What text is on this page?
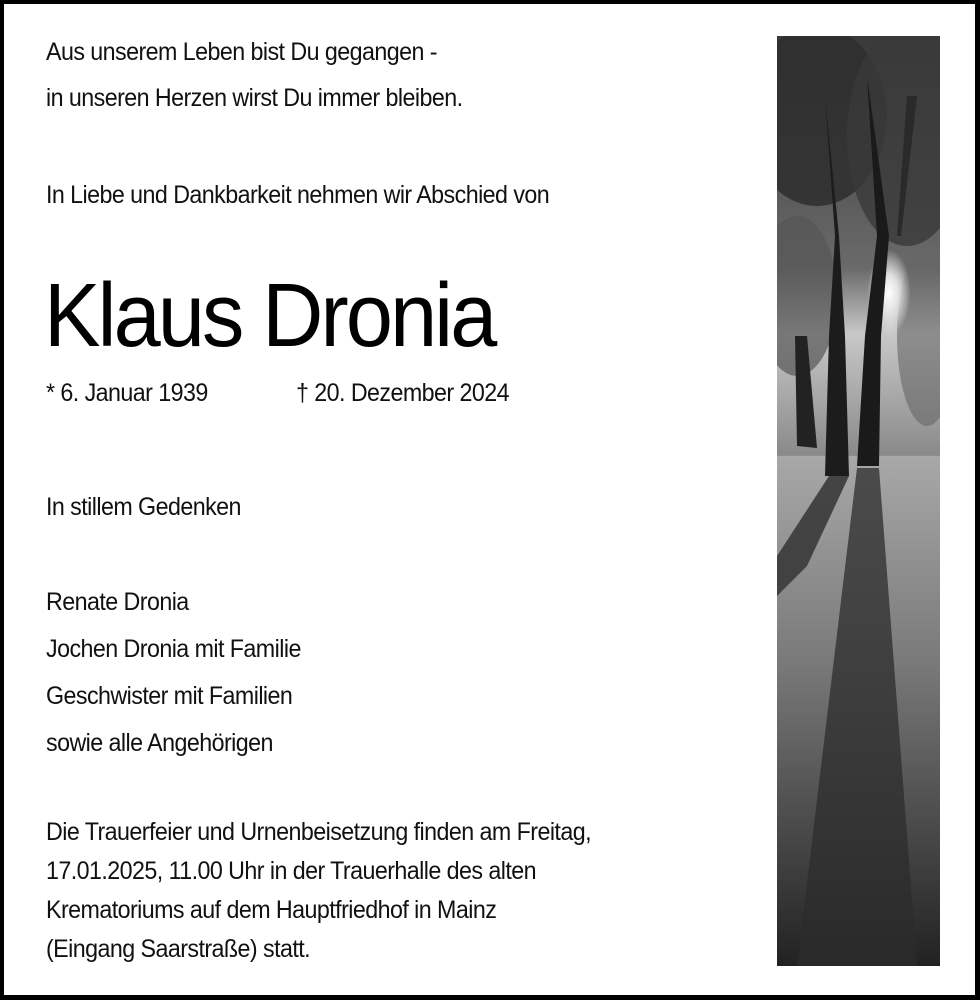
Aus unserem Leben bist Du gegangen -
in unseren Herzen wirst Du immer bleiben.
In Liebe und Dankbarkeit nehmen wir Abschied von
Klaus Dronia
* 6. Januar 1939	† 20. Dezember 2024
In stillem Gedenken
Renate Dronia
Jochen Dronia mit Familie
Geschwister mit Familien
sowie alle Angehörigen
Die Trauerfeier und Urnenbeisetzung finden am Freitag,
17.01.2025, 11.00 Uhr in der Trauerhalle des alten
Krematoriums auf dem Hauptfriedhof in Mainz
(Eingang Saarstraße) statt.
